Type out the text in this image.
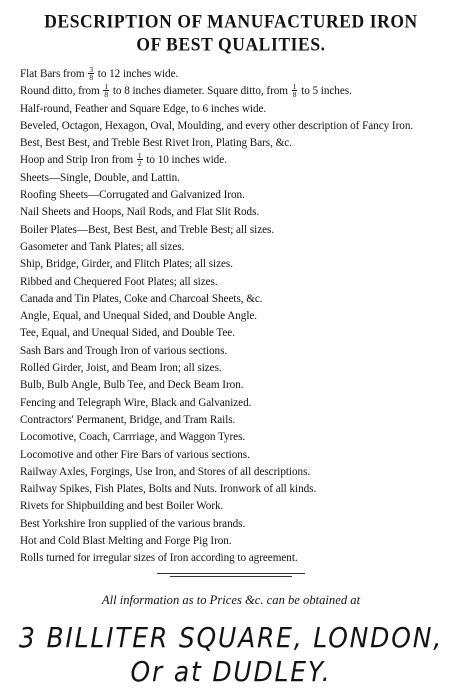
DESCRIPTION OF MANUFACTURED IRON
OF BEST QUALITIES.
Flat Bars from $\frac{3}{8}$ to 12 inches wide.
Round ditto, from $\frac{1}{8}$ to 8 inches diameter. Square ditto, from $\frac{1}{8}$ to 5 inches.
Half-round, Feather and Square Edge, to 6 inches wide.
Beveled, Octagon, Hexagon, Oval, Moulding, and every other description of Fancy Iron.
Best, Best Best, and Treble Best Rivet Iron, Plating Bars, &c.
Hoop and Strip Iron from $\frac{1}{2}$ to 10 inches wide.
Sheets—Single, Double, and Lattin.
Roofing Sheets—Corrugated and Galvanized Iron.
Nail Sheets and Hoops, Nail Rods, and Flat Slit Rods.
Boiler Plates—Best, Best Best, and Treble Best; all sizes.
Gasometer and Tank Plates; all sizes.
Ship, Bridge, Girder, and Flitch Plates; all sizes.
Ribbed and Chequered Foot Plates; all sizes.
Canada and Tin Plates, Coke and Charcoal Sheets, &c.
Angle, Equal, and Unequal Sided, and Double Angle.
Tee, Equal, and Unequal Sided, and Double Tee.
Sash Bars and Trough Iron of various sections.
Rolled Girder, Joist, and Beam Iron; all sizes.
Bulb, Bulb Angle, Bulb Tee, and Deck Beam Iron.
Fencing and Telegraph Wire, Black and Galvanized.
Contractors' Permanent, Bridge, and Tram Rails.
Locomotive, Coach, Carrriage, and Waggon Tyres.
Locomotive and other Fire Bars of various sections.
Railway Axles, Forgings, Use Iron, and Stores of all descriptions.
Railway Spikes, Fish Plates, Bolts and Nuts. Ironwork of all kinds.
Rivets for Shipbuilding and best Boiler Work.
Best Yorkshire Iron supplied of the various brands.
Hot and Cold Blast Melting and Forge Pig Iron.
Rolls turned for irregular sizes of Iron according to agreement.

All information as to Prices &c. can be obtained at

3 BILLITER SQUARE, LONDON,

Or at DUDLEY.
